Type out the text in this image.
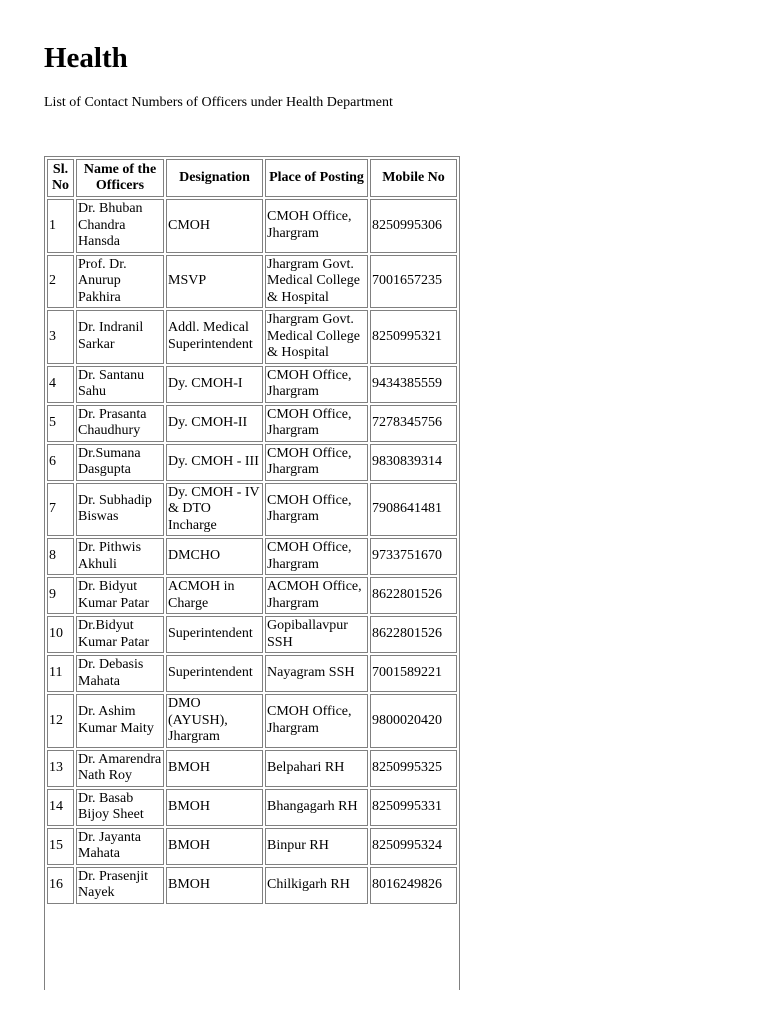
Health

List of Contact Numbers of Officers under Health Department

Sl. No	Name of the Officers	Designation	Place of Posting	Mobile No
1	Dr. Bhuban Chandra Hansda	CMOH	CMOH Office, Jhargram	8250995306
2	Prof. Dr. Anurup Pakhira	MSVP	Jhargram Govt. Medical College & Hospital	7001657235
3	Dr. Indranil Sarkar	Addl. Medical Superintendent	Jhargram Govt. Medical College & Hospital	8250995321
4	Dr. Santanu Sahu	Dy. CMOH-I	CMOH Office, Jhargram	9434385559
5	Dr. Prasanta Chaudhury	Dy. CMOH-II	CMOH Office, Jhargram	7278345756
6	Dr.Sumana Dasgupta	Dy. CMOH - III	CMOH Office, Jhargram	9830839314
7	Dr. Subhadip Biswas	Dy. CMOH - IV & DTO Incharge	CMOH Office, Jhargram	7908641481
8	Dr. Pithwis Akhuli	DMCHO	CMOH Office, Jhargram	9733751670
9	Dr. Bidyut Kumar Patar	ACMOH in Charge	ACMOH Office, Jhargram	8622801526
10	Dr.Bidyut Kumar Patar	Superintendent	Gopiballavpur SSH	8622801526
11	Dr. Debasis Mahata	Superintendent	Nayagram SSH	7001589221
12	Dr. Ashim Kumar Maity	DMO (AYUSH), Jhargram	CMOH Office, Jhargram	9800020420
13	Dr. Amarendra Nath Roy	BMOH	Belpahari RH	8250995325
14	Dr. Basab Bijoy Sheet	BMOH	Bhangagarh RH	8250995331
15	Dr. Jayanta Mahata	BMOH	Binpur RH	8250995324
16	Dr. Prasenjit Nayek	BMOH	Chilkigarh RH	8016249826
